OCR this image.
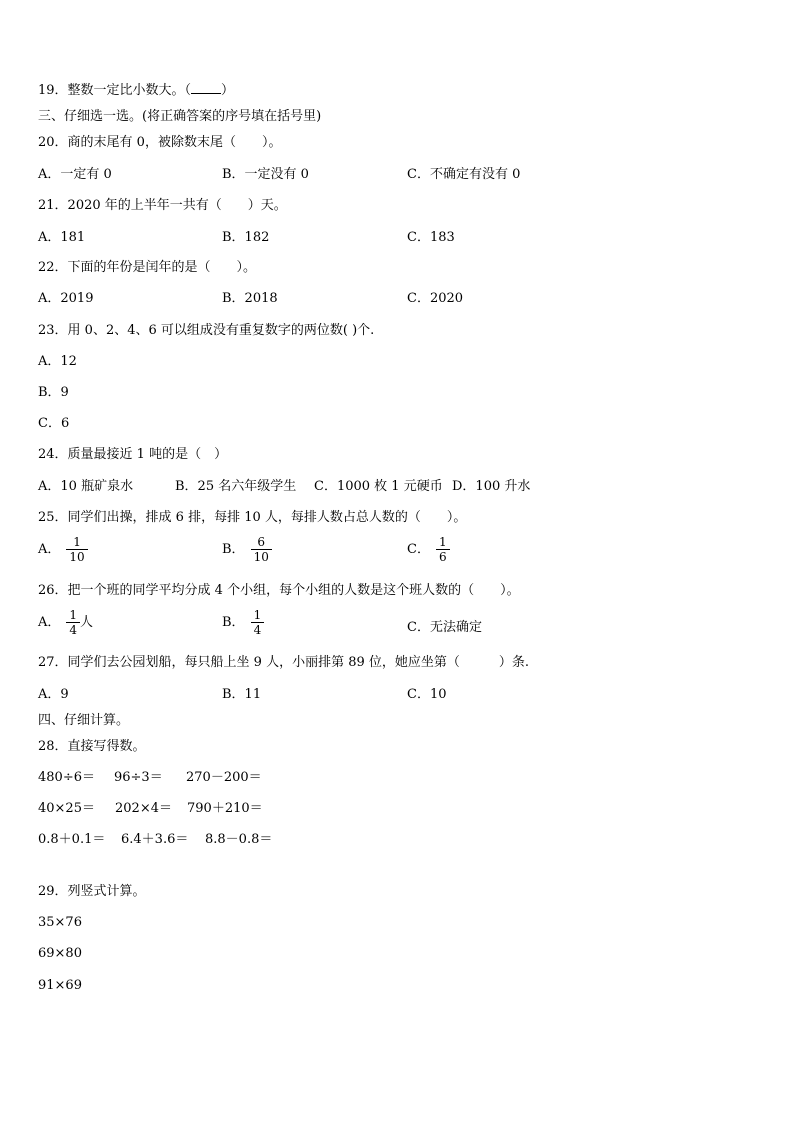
19．整数一定比小数大。（ ）
三、仔细选一选。(将正确答案的序号填在括号里)
20．商的末尾有 0，被除数末尾（　　）。
A．一定有 0	B．一定没有 0	C．不确定有没有 0
21．2020 年的上半年一共有（　　）天。
A．181	B．182	C．183
22．下面的年份是闰年的是（　　）。
A．2019	B．2018	C．2020
23．用 0、2、4、6 可以组成没有重复数字的两位数( )个.
A．12
B．9
C．6
24．质量最接近 1 吨的是（　）
A．10 瓶矿泉水	B．25 名六年级学生 C．1000 枚 1 元硬币 D．100 升水
25．同学们出操，排成 6 排，每排 10 人，每排人数占总人数的（　　）。
A． $\frac{1}{10}$	B． $\frac{6}{10}$	C． $\frac{1}{6}$
26．把一个班的同学平均分成 4 个小组，每个小组的人数是这个班人数的（　　）。
A． $\frac{1}{4}$ 人	B． $\frac{1}{4}$	C．无法确定
27．同学们去公园划船，每只船上坐 9 人，小丽排第 89 位，她应坐第（　　　）条.
A．9	B．11	C．10
四、仔细计算。
28．直接写得数。
480÷6＝ 96÷3＝ 270－200＝
40×25＝ 202×4＝ 790＋210＝
0.8＋0.1＝ 6.4＋3.6＝ 8.8－0.8＝
29．列竖式计算。
35×76
69×80
91×69
